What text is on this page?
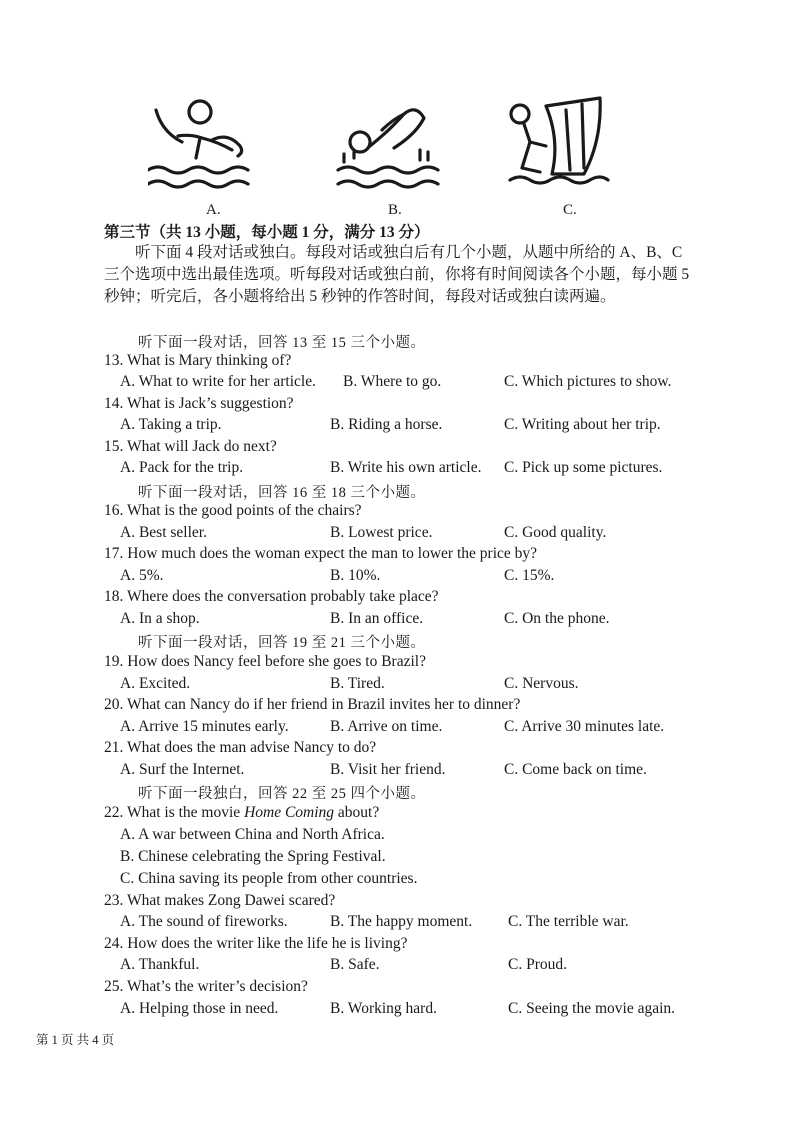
A.	B.	C.
第三节（共 13 小题，每小题 1 分，满分 13 分）
听下面 4 段对话或独白。每段对话或独白后有几个小题，从题中所给的 A、B、C 三个选项中选出最佳选项。听每段对话或独白前，你将有时间阅读各个小题，每小题 5 秒钟；听完后，各小题将给出 5 秒钟的作答时间，每段对话或独白读两遍。
听下面一段对话，回答 13 至 15 三个小题。
听下面一段对话，回答 16 至 18 三个小题。
听下面一段对话，回答 19 至 21 三个小题。
听下面一段独白，回答 22 至 25 四个小题。
13. What is Mary thinking of?
A. What to write for her article. B. Where to go.	C. Which pictures to show.
14. What is Jack’s suggestion?
A. Taking a trip.	B. Riding a horse.	C. Writing about her trip.
15. What will Jack do next?
A. Pack for the trip.	B. Write his own article. C. Pick up some pictures.
16. What is the good points of the chairs?
A. Best seller.	B. Lowest price.	C. Good quality.
17. How much does the woman expect the man to lower the price by?
A. 5%.	B. 10%.	C. 15%.
18. Where does the conversation probably take place?
A. In a shop.	B. In an office.	C. On the phone.
19. How does Nancy feel before she goes to Brazil?
A. Excited.	B. Tired.	C. Nervous.
20. What can Nancy do if her friend in Brazil invites her to dinner?
A. Arrive 15 minutes early.	B. Arrive on time.	C. Arrive 30 minutes late.
21. What does the man advise Nancy to do?
A. Surf the Internet.	B. Visit her friend.	C. Come back on time.
22. What is the movie Home Coming about?
A. A war between China and North Africa.
B. Chinese celebrating the Spring Festival.
C. China saving its people from other countries.
23. What makes Zong Dawei scared?
A. The sound of fireworks.	B. The happy moment. C. The terrible war.
24. How does the writer like the life he is living?
A. Thankful.	B. Safe.	C. Proud.
25. What’s the writer’s decision?
A. Helping those in need.	B. Working hard.	C. Seeing the movie again.
第 1 页 共 4 页
